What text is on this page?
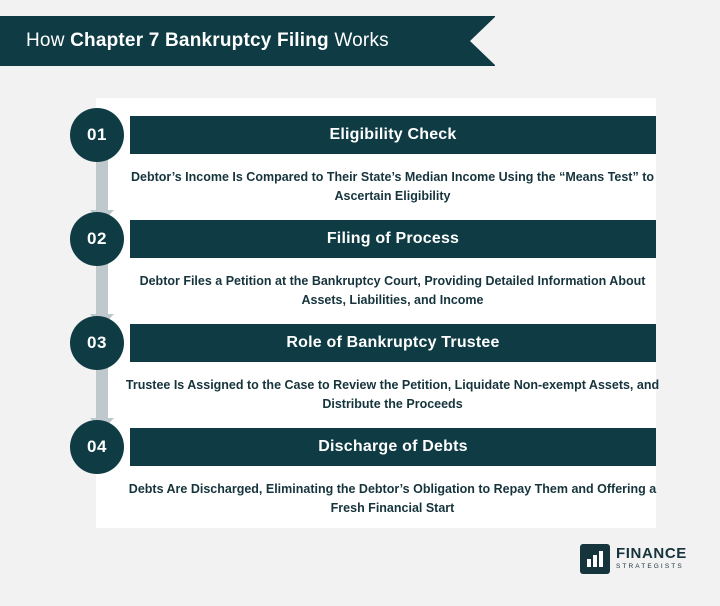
How Chapter 7 Bankruptcy Filing Works
Eligibility Check
01
Debtor’s Income Is Compared to Their State’s Median Income Using the “Means Test” to Ascertain Eligibility
Filing of Process
02
Debtor Files a Petition at the Bankruptcy Court, Providing Detailed Information About Assets, Liabilities, and Income
Role of Bankruptcy Trustee
03
Trustee Is Assigned to the Case to Review the Petition, Liquidate Non-exempt Assets, and Distribute the Proceeds
Discharge of Debts
04
Debts Are Discharged, Eliminating the Debtor’s Obligation to Repay Them and Offering a Fresh Financial Start
FINANCE
STRATEGISTS
